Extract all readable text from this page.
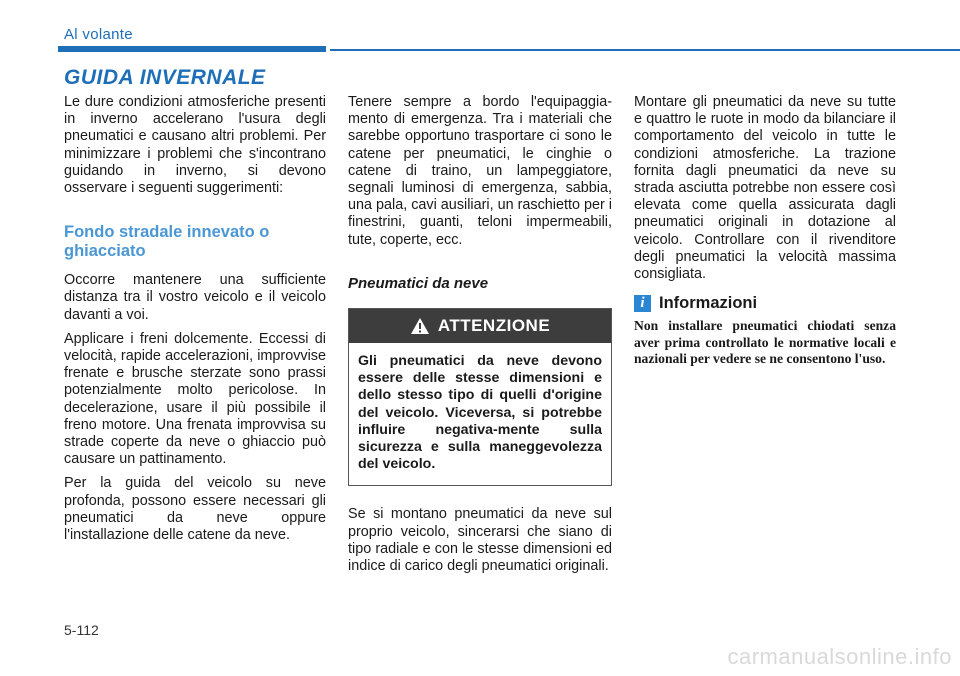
Al volante
GUIDA INVERNALE

Le dure condizioni atmosferiche presenti in inverno accelerano l'usura degli pneumatici e causano altri problemi. Per minimizzare i problemi che s'incontrano guidando in inverno, si devono osservare i seguenti suggerimenti:

Fondo stradale innevato o ghiacciato

Occorre mantenere una sufficiente distanza tra il vostro veicolo e il veicolo davanti a voi.

Applicare i freni dolcemente. Eccessi di velocità, rapide accelerazioni, improvvise frenate e brusche sterzate sono prassi potenzialmente molto pericolose. In decelerazione, usare il più possibile il freno motore. Una frenata improvvisa su strade coperte da neve o ghiaccio può causare un pattinamento.

Per la guida del veicolo su neve profonda, possono essere necessari gli pneumatici da neve oppure l'installazione delle catene da neve.

Tenere sempre a bordo l'equipaggia-mento di emergenza. Tra i materiali che sarebbe opportuno trasportare ci sono le catene per pneumatici, le cinghie o catene di traino, un lampeggiatore, segnali luminosi di emergenza, sabbia, una pala, cavi ausiliari, un raschietto per i finestrini, guanti, teloni impermeabili, tute, coperte, ecc.

Pneumatici da neve
ATTENZIONE
Gli pneumatici da neve devono essere delle stesse dimensioni e dello stesso tipo di quelli d'origine del veicolo. Viceversa, si potrebbe influire negativa-mente sulla sicurezza e sulla maneggevolezza del veicolo.

Se si montano pneumatici da neve sul proprio veicolo, sincerarsi che siano di tipo radiale e con le stesse dimensioni ed indice di carico degli pneumatici originali.

Montare gli pneumatici da neve su tutte e quattro le ruote in modo da bilanciare il comportamento del veicolo in tutte le condizioni atmosferiche. La trazione fornita dagli pneumatici da neve su strada asciutta potrebbe non essere così elevata come quella assicurata dagli pneumatici originali in dotazione al veicolo. Controllare con il rivenditore degli pneumatici la velocità massima consigliata.

i Informazioni
Non installare pneumatici chiodati senza aver prima controllato le normative locali e nazionali per vedere se ne consentono l'uso.
5-112
carmanualsonline.info
